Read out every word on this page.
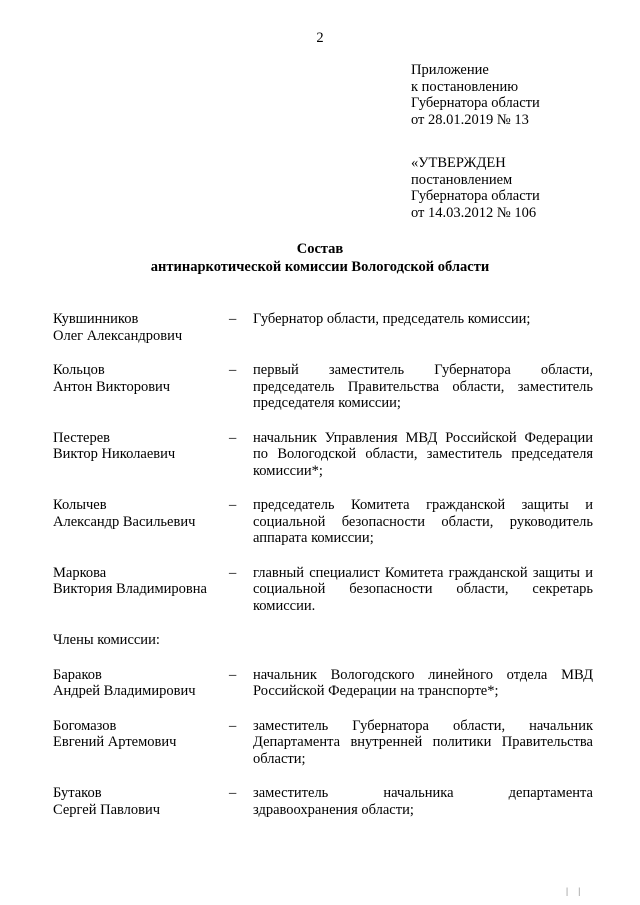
2
Приложение
к постановлению
Губернатора области
от 28.01.2019 № 13
«УТВЕРЖДЕН
постановлением
Губернатора области
от 14.03.2012 № 106
Состав
антинаркотической комиссии Вологодской области
Кувшинников
Олег Александрович
–	Губернатор области, председатель комиссии;
Кольцов
Антон Викторович
–	первый заместитель Губернатора области, председатель Правительства области, заместитель председателя комиссии;
Пестерев
Виктор Николаевич
–	начальник Управления МВД Российской Федерации по Вологодской области, заместитель председателя комиссии*;
Колычев
Александр Васильевич
–	председатель Комитета гражданской защиты и социальной безопасности области, руководитель аппарата комиссии;
Маркова
Виктория Владимировна
–	главный специалист Комитета гражданской защиты и социальной безопасности области, секретарь комиссии.
Члены комиссии:
Бараков
Андрей Владимирович
–	начальник Вологодского линейного отдела МВД Российской Федерации на транспорте*;
Богомазов
Евгений Артемович
–	заместитель Губернатора области, начальник Департамента внутренней политики Правительства области;
Бутаков
Сергей Павлович
–	заместитель начальника департамента здравоохранения области;
| |
